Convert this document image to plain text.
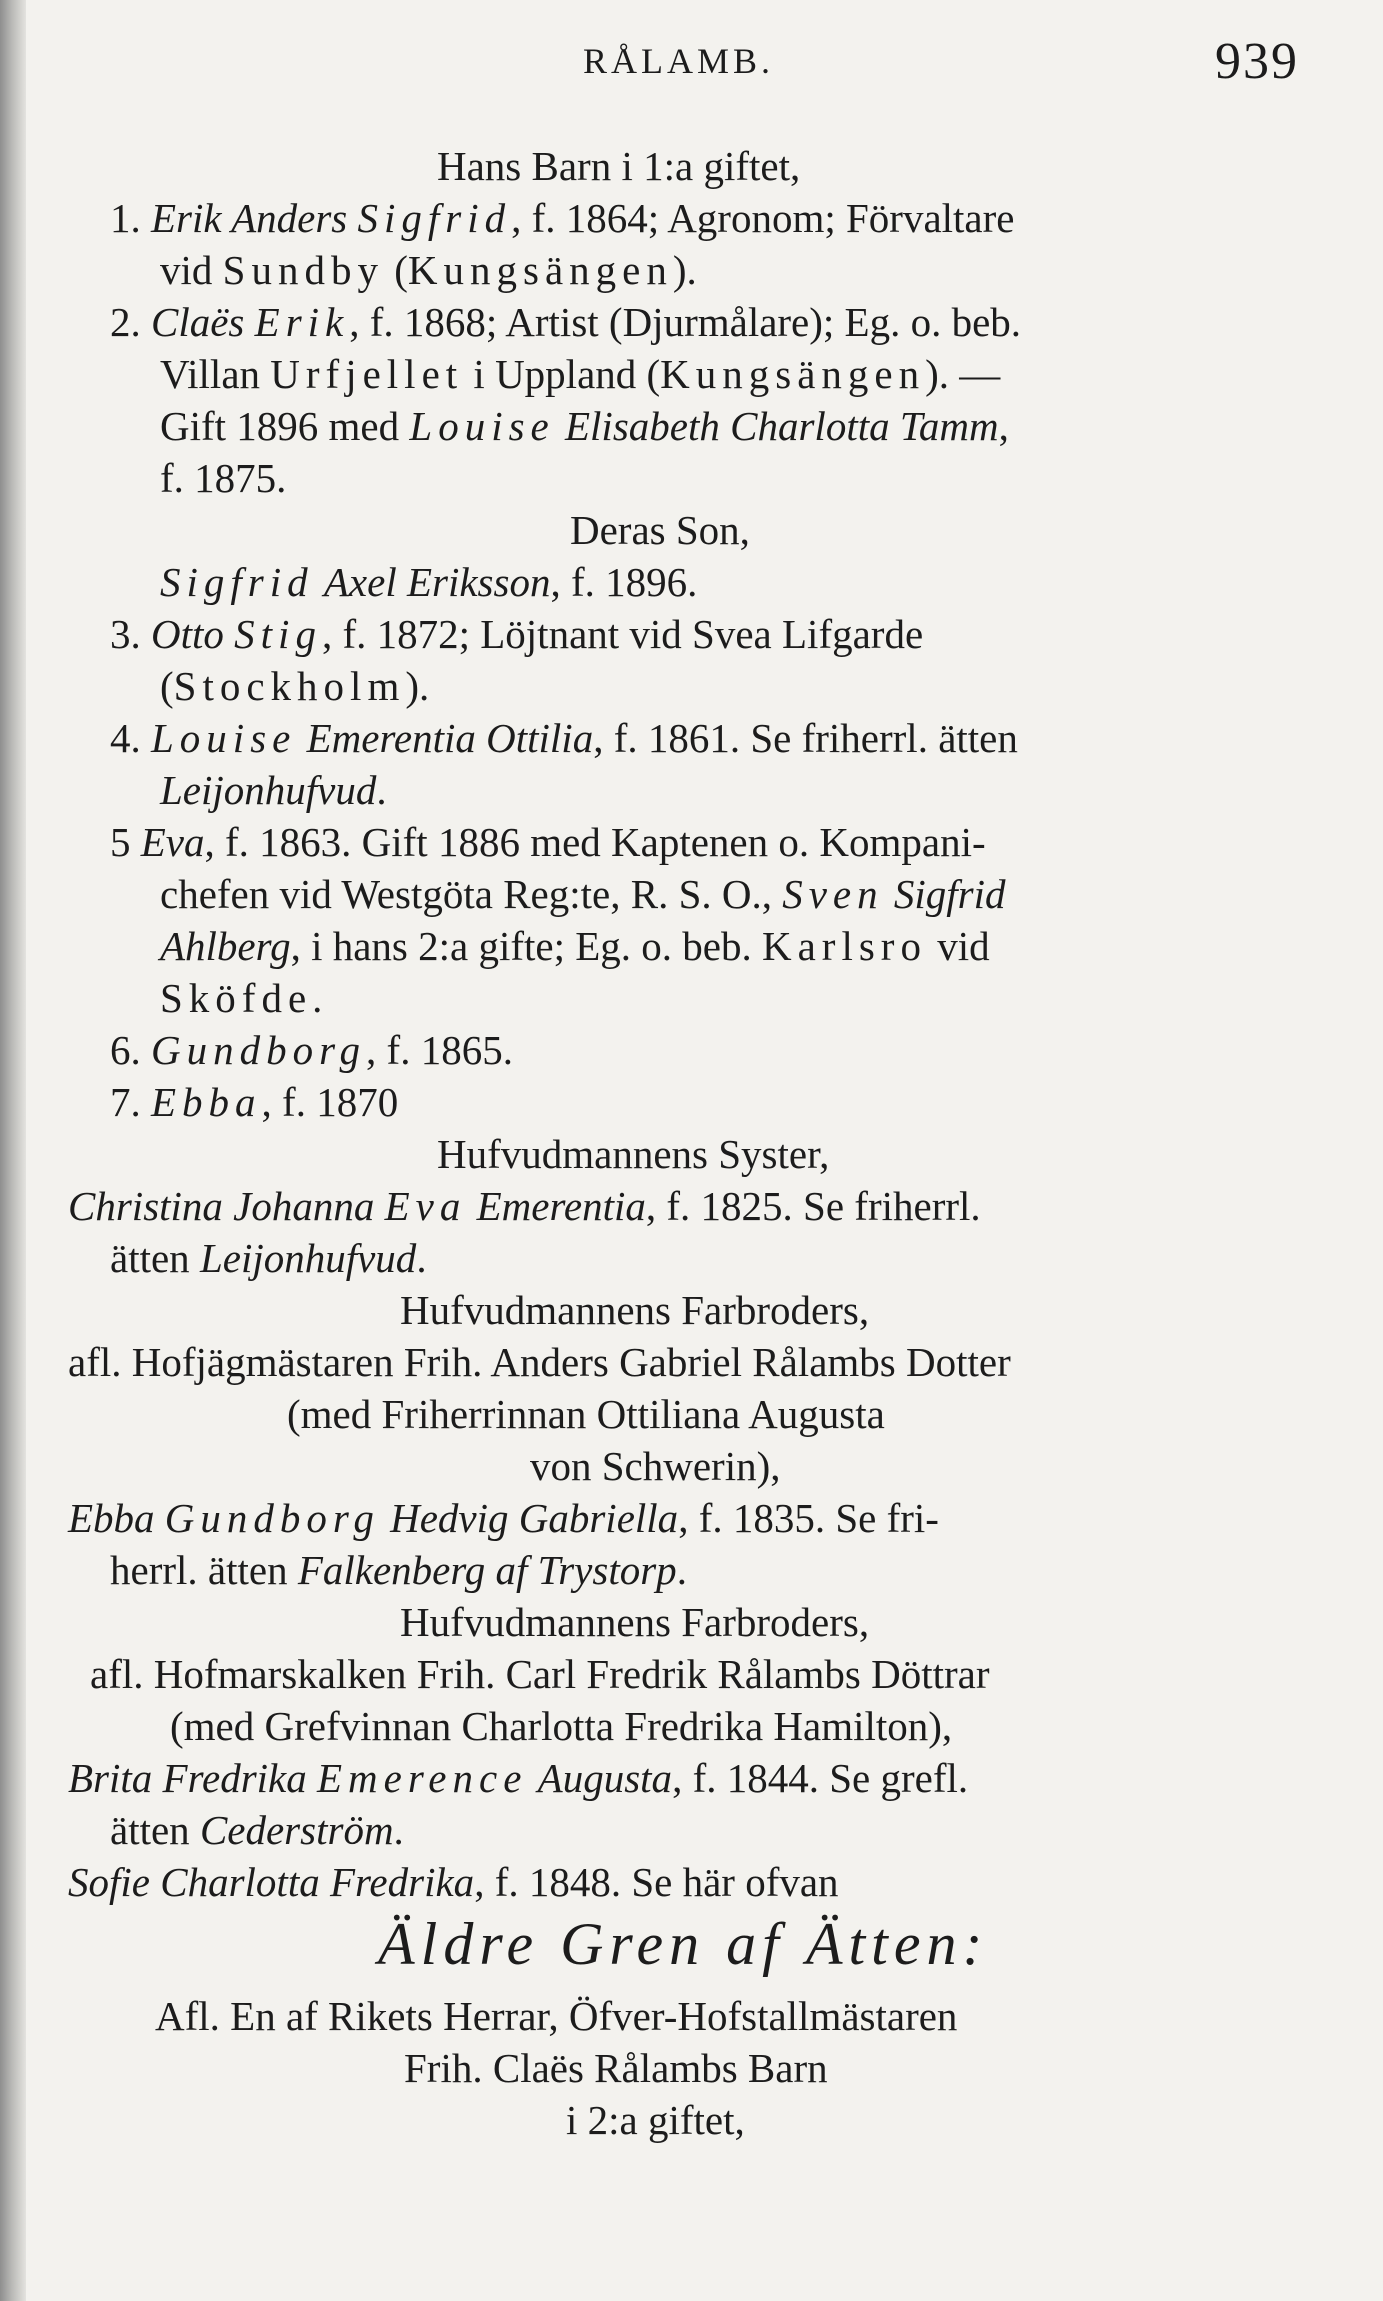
RÅLAMB.	939
Hans Barn i 1:a giftet,
1. Erik Anders Sigfrid, f. 1864; Agronom; Förvaltare
vid Sundby (Kungsängen).
2. Claës Erik, f. 1868; Artist (Djurmålare); Eg. o. beb.
Villan Urfjellet i Uppland (Kungsängen). —
Gift 1896 med Louise Elisabeth Charlotta Tamm,
f. 1875.
Deras Son,
Sigfrid Axel Eriksson, f. 1896.
3. Otto Stig, f. 1872; Löjtnant vid Svea Lifgarde
(Stockholm).
4. Louise Emerentia Ottilia, f. 1861. Se friherrl. ätten
Leijonhufvud.
5 Eva, f. 1863. Gift 1886 med Kaptenen o. Kompani-
chefen vid Westgöta Reg:te, R. S. O., Sven Sigfrid
Ahlberg, i hans 2:a gifte; Eg. o. beb. Karlsro vid
Sköfde.
6. Gundborg, f. 1865.
7. Ebba, f. 1870
Hufvudmannens Syster,
Christina Johanna Eva Emerentia, f. 1825. Se friherrl.
ätten Leijonhufvud.
Hufvudmannens Farbroders,
afl. Hofjägmästaren Frih. Anders Gabriel Rålambs Dotter
(med Friherrinnan Ottiliana Augusta
von Schwerin),
Ebba Gundborg Hedvig Gabriella, f. 1835. Se fri-
herrl. ätten Falkenberg af Trystorp.
Hufvudmannens Farbroders,
afl. Hofmarskalken Frih. Carl Fredrik Rålambs Döttrar
(med Grefvinnan Charlotta Fredrika Hamilton),
Brita Fredrika Emerence Augusta, f. 1844. Se grefl.
ätten Cederström.
Sofie Charlotta Fredrika, f. 1848. Se här ofvan
Äldre Gren af Ätten:
Afl. En af Rikets Herrar, Öfver-Hofstallmästaren
Frih. Claës Rålambs Barn
i 2:a giftet,
